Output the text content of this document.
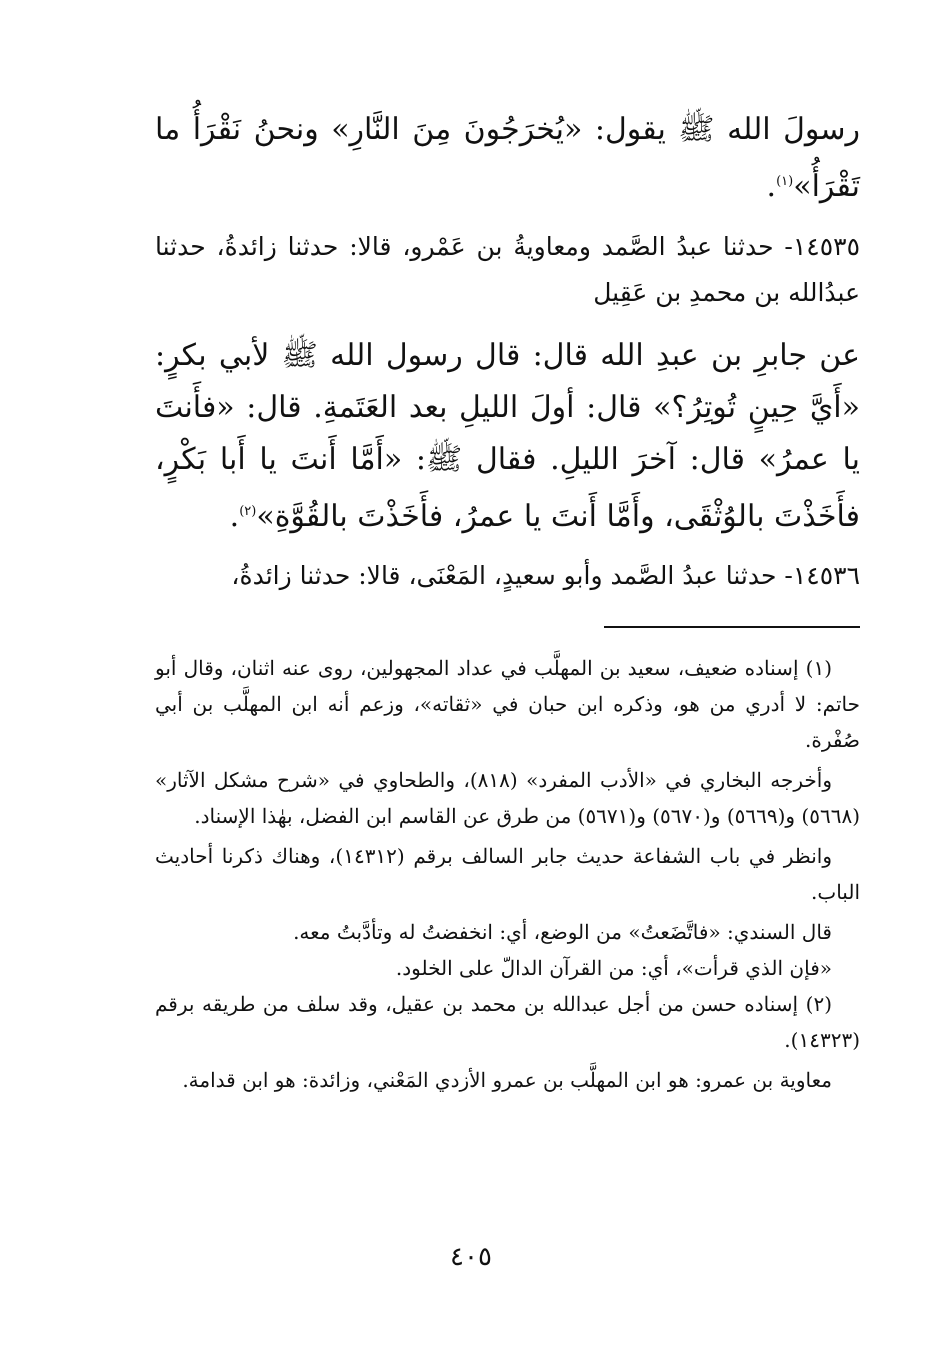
رسولَ الله ﷺ يقول: «يُخرَجُونَ مِنَ النَّارِ» ونحنُ نَقْرَأُ ما تَقْرَأُ»$^{(١)}$.

١٤٥٣٥- حدثنا عبدُ الصَّمد ومعاويةُ بن عَمْرو، قالا: حدثنا زائدةُ، حدثنا عبدُالله بن محمدِ بن عَقِيل

عن جابرِ بن عبدِ الله قال: قال رسول الله ﷺ لأبي بكرٍ: «أَيَّ حِينٍ تُوتِرُ؟» قال: أولَ الليلِ بعد العَتَمةِ. قال: «فأَنتَ يا عمرُ» قال: آخرَ الليلِ. فقال ﷺ: «أَمَّا أَنتَ يا أَبا بَكْرٍ، فأَخَذْتَ بالوُثْقَى، وأَمَّا أَنتَ يا عمرُ، فأَخَذْتَ بالقُوَّةِ»$^{(٢)}$.

١٤٥٣٦- حدثنا عبدُ الصَّمد وأبو سعيدٍ، المَعْنَى، قالا: حدثنا زائدةُ،

(١) إسناده ضعيف، سعيد بن المهلَّب في عداد المجهولين، روى عنه اثنان، وقال أبو حاتم: لا أدري من هو، وذكره ابن حبان في «ثقاته»، وزعم أنه ابن المهلَّب بن أبي صُفْرة.

وأخرجه البخاري في «الأدب المفرد» (٨١٨)، والطحاوي في «شرح مشكل الآثار» (٥٦٦٨) و(٥٦٦٩) و(٥٦٧٠) و(٥٦٧١) من طرق عن القاسم ابن الفضل، بهٰذا الإسناد.

وانظر في باب الشفاعة حديث جابر السالف برقم (١٤٣١٢)، وهناك ذكرنا أحاديث الباب.

قال السندي: «فاتَّضَعتُ» من الوضع، أي: انخفضتُ له وتأدَّبتُ معه.

«فإن الذي قرأت»، أي: من القرآن الدالّ على الخلود.

(٢) إسناده حسن من أجل عبدالله بن محمد بن عقيل، وقد سلف من طريقه برقم (١٤٣٢٣).

معاوية بن عمرو: هو ابن المهلَّب بن عمرو الأزدي المَعْني، وزائدة: هو ابن قدامة.

٤٠٥
